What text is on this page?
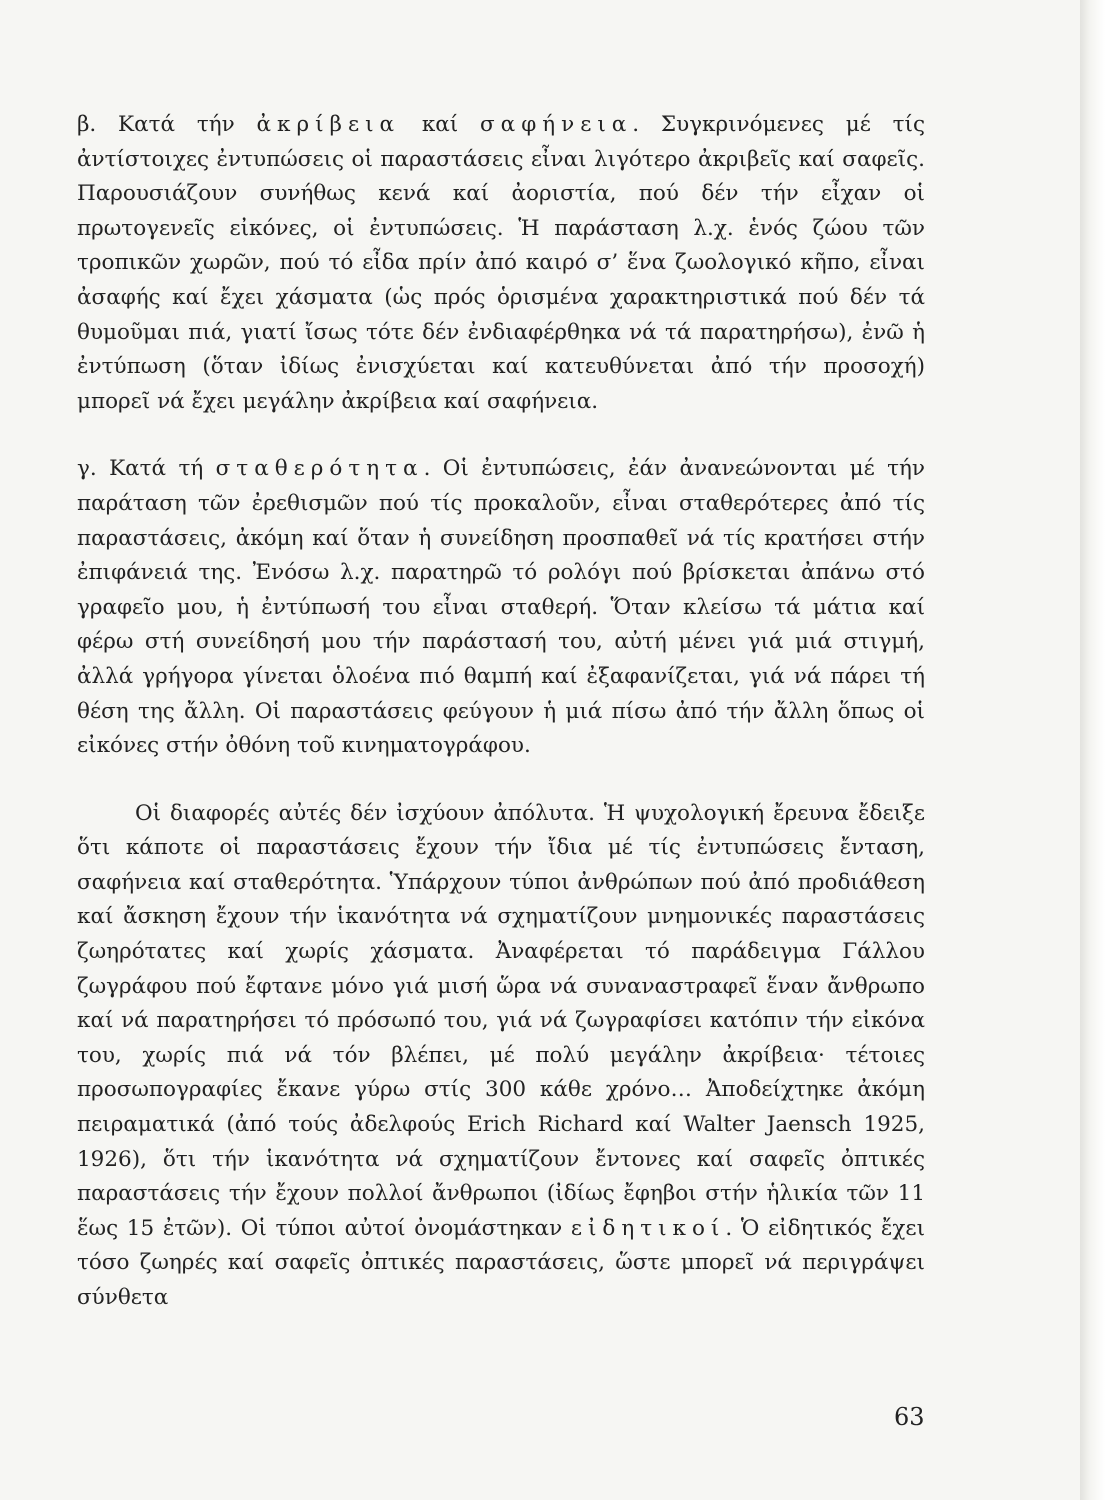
β. Κατά τήν ἀκρίβεια καί σαφήνεια. Συγκρινόμενες μέ τίς ἀντίστοιχες ἐντυπώσεις οἱ παραστάσεις εἶναι λιγότερο ἀκριβεῖς καί σαφεῖς. Παρουσιάζουν συνήθως κενά καί ἀοριστία, πού δέν τήν εἶχαν οἱ πρωτογενεῖς εἰκόνες, οἱ ἐντυπώσεις. Ἡ παράσταση λ.χ. ἑνός ζώου τῶν τροπικῶν χωρῶν, πού τό εἶδα πρίν ἀπό καιρό σ’ ἕνα ζωολογικό κῆπο, εἶναι ἀσαφής καί ἔχει χάσματα (ὡς πρός ὁρισμένα χαρακτηριστικά πού δέν τά θυμοῦμαι πιά, γιατί ἴσως τότε δέν ἐνδιαφέρθηκα νά τά παρατηρήσω), ἐνῶ ἡ ἐντύπωση (ὅταν ἰδίως ἐνισχύεται καί κατευθύνεται ἀπό τήν προσοχή) μπορεῖ νά ἔχει μεγάλην ἀκρίβεια καί σαφήνεια.

γ. Κατά τή σταθερότητα. Οἱ ἐντυπώσεις, ἐάν ἀνανεώνονται μέ τήν παράταση τῶν ἐρεθισμῶν πού τίς προκαλοῦν, εἶναι σταθερότερες ἀπό τίς παραστάσεις, ἀκόμη καί ὅταν ἡ συνείδηση προσπαθεῖ νά τίς κρατήσει στήν ἐπιφάνειά της. Ἐνόσω λ.χ. παρατηρῶ τό ρολόγι πού βρίσκεται ἀπάνω στό γραφεῖο μου, ἡ ἐντύπωσή του εἶναι σταθερή. Ὅταν κλείσω τά μάτια καί φέρω στή συνείδησή μου τήν παράστασή του, αὐτή μένει γιά μιά στιγμή, ἀλλά γρήγορα γίνεται ὁλοένα πιό θαμπή καί ἐξαφανίζεται, γιά νά πάρει τή θέση της ἄλλη. Οἱ παραστάσεις φεύγουν ἡ μιά πίσω ἀπό τήν ἄλλη ὅπως οἱ εἰκόνες στήν ὀθόνη τοῦ κινηματογράφου.

Οἱ διαφορές αὐτές δέν ἰσχύουν ἀπόλυτα. Ἡ ψυχολογική ἔρευνα ἔδειξε ὅτι κάποτε οἱ παραστάσεις ἔχουν τήν ἴδια μέ τίς ἐντυπώσεις ἔνταση, σαφήνεια καί σταθερότητα. Ὑπάρχουν τύποι ἀνθρώπων πού ἀπό προδιάθεση καί ἄσκηση ἔχουν τήν ἱκανότητα νά σχηματίζουν μνημονικές παραστάσεις ζωηρότατες καί χωρίς χάσματα. Ἀναφέρεται τό παράδειγμα Γάλλου ζωγράφου πού ἔφτανε μόνο γιά μισή ὥρα νά συναναστραφεῖ ἕναν ἄνθρωπο καί νά παρατηρήσει τό πρόσωπό του, γιά νά ζωγραφίσει κατόπιν τήν εἰκόνα του, χωρίς πιά νά τόν βλέπει, μέ πολύ μεγάλην ἀκρίβεια· τέτοιες προσωπογραφίες ἔκανε γύρω στίς 300 κάθε χρόνο… Ἀποδείχτηκε ἀκόμη πειραματικά (ἀπό τούς ἀδελφούς Erich Richard καί Walter Jaensch 1925, 1926), ὅτι τήν ἱκανότητα νά σχηματίζουν ἔντονες καί σαφεῖς ὀπτικές παραστάσεις τήν ἔχουν πολλοί ἄνθρωποι (ἰδίως ἔφηβοι στήν ἡλικία τῶν 11 ἕως 15 ἐτῶν). Οἱ τύποι αὐτοί ὀνομάστηκαν εἰδητικοί. Ὁ εἰδητικός ἔχει τόσο ζωηρές καί σαφεῖς ὀπτικές παραστάσεις, ὥστε μπορεῖ νά περιγράψει σύνθετα

63
